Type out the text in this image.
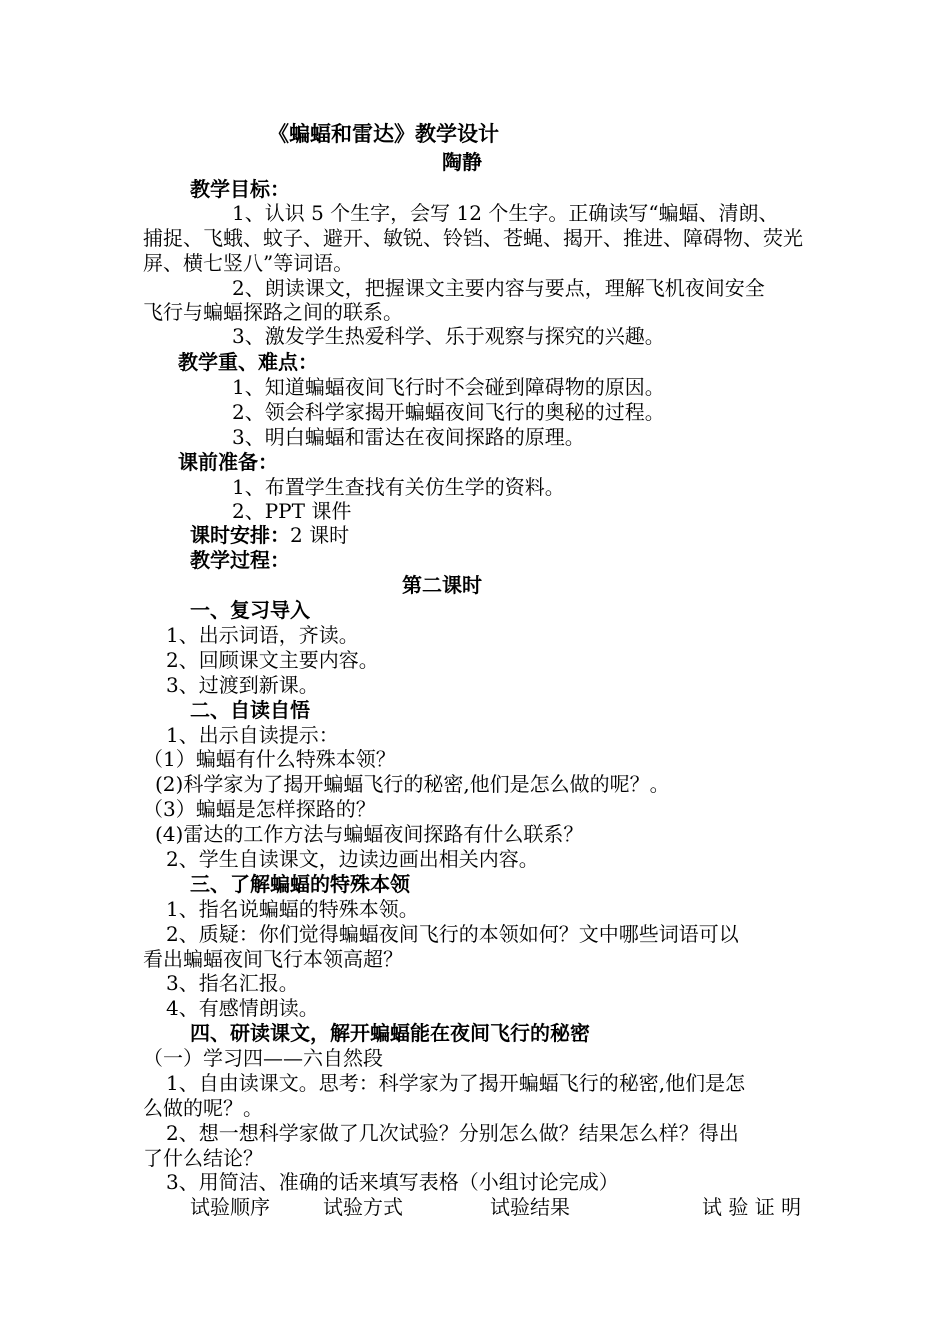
《蝙蝠和雷达》教学设计
陶静
教学目标：
1、认识 5 个生字，会写 12 个生字。正确读写“蝙蝠、清朗、
捕捉、飞蛾、蚊子、避开、敏锐、铃铛、苍蝇、揭开、推进、障碍物、荧光
屏、横七竖八”等词语。
2、朗读课文，把握课文主要内容与要点，理解飞机夜间安全
飞行与蝙蝠探路之间的联系。
3、激发学生热爱科学、乐于观察与探究的兴趣。
教学重、难点：
1、知道蝙蝠夜间飞行时不会碰到障碍物的原因。
2、领会科学家揭开蝙蝠夜间飞行的奥秘的过程。
3、明白蝙蝠和雷达在夜间探路的原理。
课前准备：
1、布置学生查找有关仿生学的资料。
2、PPT 课件
课时安排：2 课时
教学过程：
第二课时
一、复习导入
1、出示词语，齐读。
2、回顾课文主要内容。
3、过渡到新课。
二、自读自悟
1、出示自读提示：
（1）蝙蝠有什么特殊本领？
(2)科学家为了揭开蝙蝠飞行的秘密,他们是怎么做的呢？。
（3）蝙蝠是怎样探路的？
(4)雷达的工作方法与蝙蝠夜间探路有什么联系？
2、学生自读课文，边读边画出相关内容。
三、了解蝙蝠的特殊本领
1、指名说蝙蝠的特殊本领。
2、质疑：你们觉得蝙蝠夜间飞行的本领如何？文中哪些词语可以
看出蝙蝠夜间飞行本领高超？
3、指名汇报。
4、有感情朗读。
四、研读课文，解开蝙蝠能在夜间飞行的秘密
（一）学习四——六自然段
1、自由读课文。思考：科学家为了揭开蝙蝠飞行的秘密,他们是怎
么做的呢？。
2、想一想科学家做了几次试验？分别怎么做？结果怎么样？得出
了什么结论？
3、用简洁、准确的话来填写表格（小组讨论完成）
试验顺序	试验方式	试验结果	试 验 证 明
